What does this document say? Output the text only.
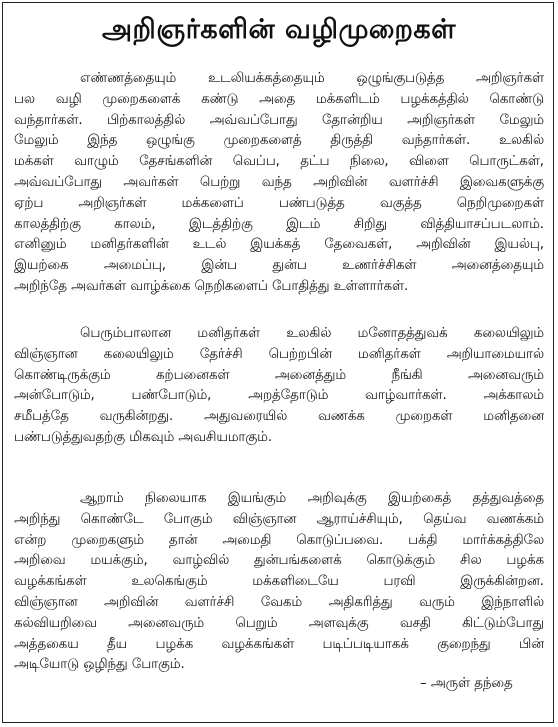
அறிஞர்களின் வழிமுறைகள்
எண்ணத்தையும் உடலியக்கத்தையும் ஒழுங்குபடுத்த அறிஞர்கள்
பல வழி முறைகளைக் கண்டு அதை மக்களிடம் பழக்கத்தில் கொண்டு
வந்தார்கள். பிற்காலத்தில் அவ்வப்போது தோன்றிய அறிஞர்கள் மேலும்
மேலும் இந்த ஒழுங்கு முறைகளைத் திருத்தி வந்தார்கள். உலகில்
மக்கள் வாழும் தேசங்களின் வெப்ப, தட்ப நிலை, விளை பொருட்கள்,
அவ்வப்போது அவர்கள் பெற்று வந்த அறிவின் வளர்ச்சி இவைகளுக்கு
ஏற்ப அறிஞர்கள் மக்களைப் பண்படுத்த வகுத்த நெறிமுறைகள்
காலத்திற்கு காலம், இடத்திற்கு இடம் சிறிது வித்தியாசப்படலாம்.
எனினும் மனிதர்களின் உடல் இயக்கத் தேவைகள், அறிவின் இயல்பு,
இயற்கை அமைப்பு, இன்ப துன்ப உணர்ச்சிகள் அனைத்தையும்
அறிந்தே அவர்கள் வாழ்க்கை நெறிகளைப் போதித்து உள்ளார்கள்.
பெரும்பாலான மனிதர்கள் உலகில் மனோதத்துவக் கலையிலும்
விஞ்ஞான கலையிலும் தேர்ச்சி பெற்றபின் மனிதர்கள் அறியாமையால்
கொண்டிருக்கும் கற்பனைகள் அனைத்தும் நீங்கி அனைவரும்
அன்போடும், பண்போடும், அறத்தோடும் வாழ்வார்கள். அக்காலம்
சமீபத்தே வருகின்றது. அதுவரையில் வணக்க முறைகள் மனிதனை
பண்படுத்துவதற்கு மிகவும் அவசியமாகும்.
ஆறாம் நிலையாக இயங்கும் அறிவுக்கு இயற்கைத் தத்துவத்தை
அறிந்து கொண்டே போகும் விஞ்ஞான ஆராய்ச்சியும், தெய்வ வணக்கம்
என்ற முறைகளும் தான் அமைதி கொடுப்பவை. பக்தி மார்க்கத்திலே
அறிவை மயக்கும், வாழ்வில் துன்பங்களைக் கொடுக்கும் சில பழக்க
வழக்கங்கள் உலகெங்கும் மக்களிடையே பரவி இருக்கின்றன.
விஞ்ஞான அறிவின் வளர்ச்சி வேகம் அதிகரித்து வரும் இந்நாளில்
கல்வியறிவை அனைவரும் பெறும் அளவுக்கு வசதி கிட்டும்போது
அத்தகைய தீய பழக்க வழக்கங்கள் படிப்படியாகக் குறைந்து பின்
அடியோடு ஒழிந்து போகும்.
– அருள் தந்தை
